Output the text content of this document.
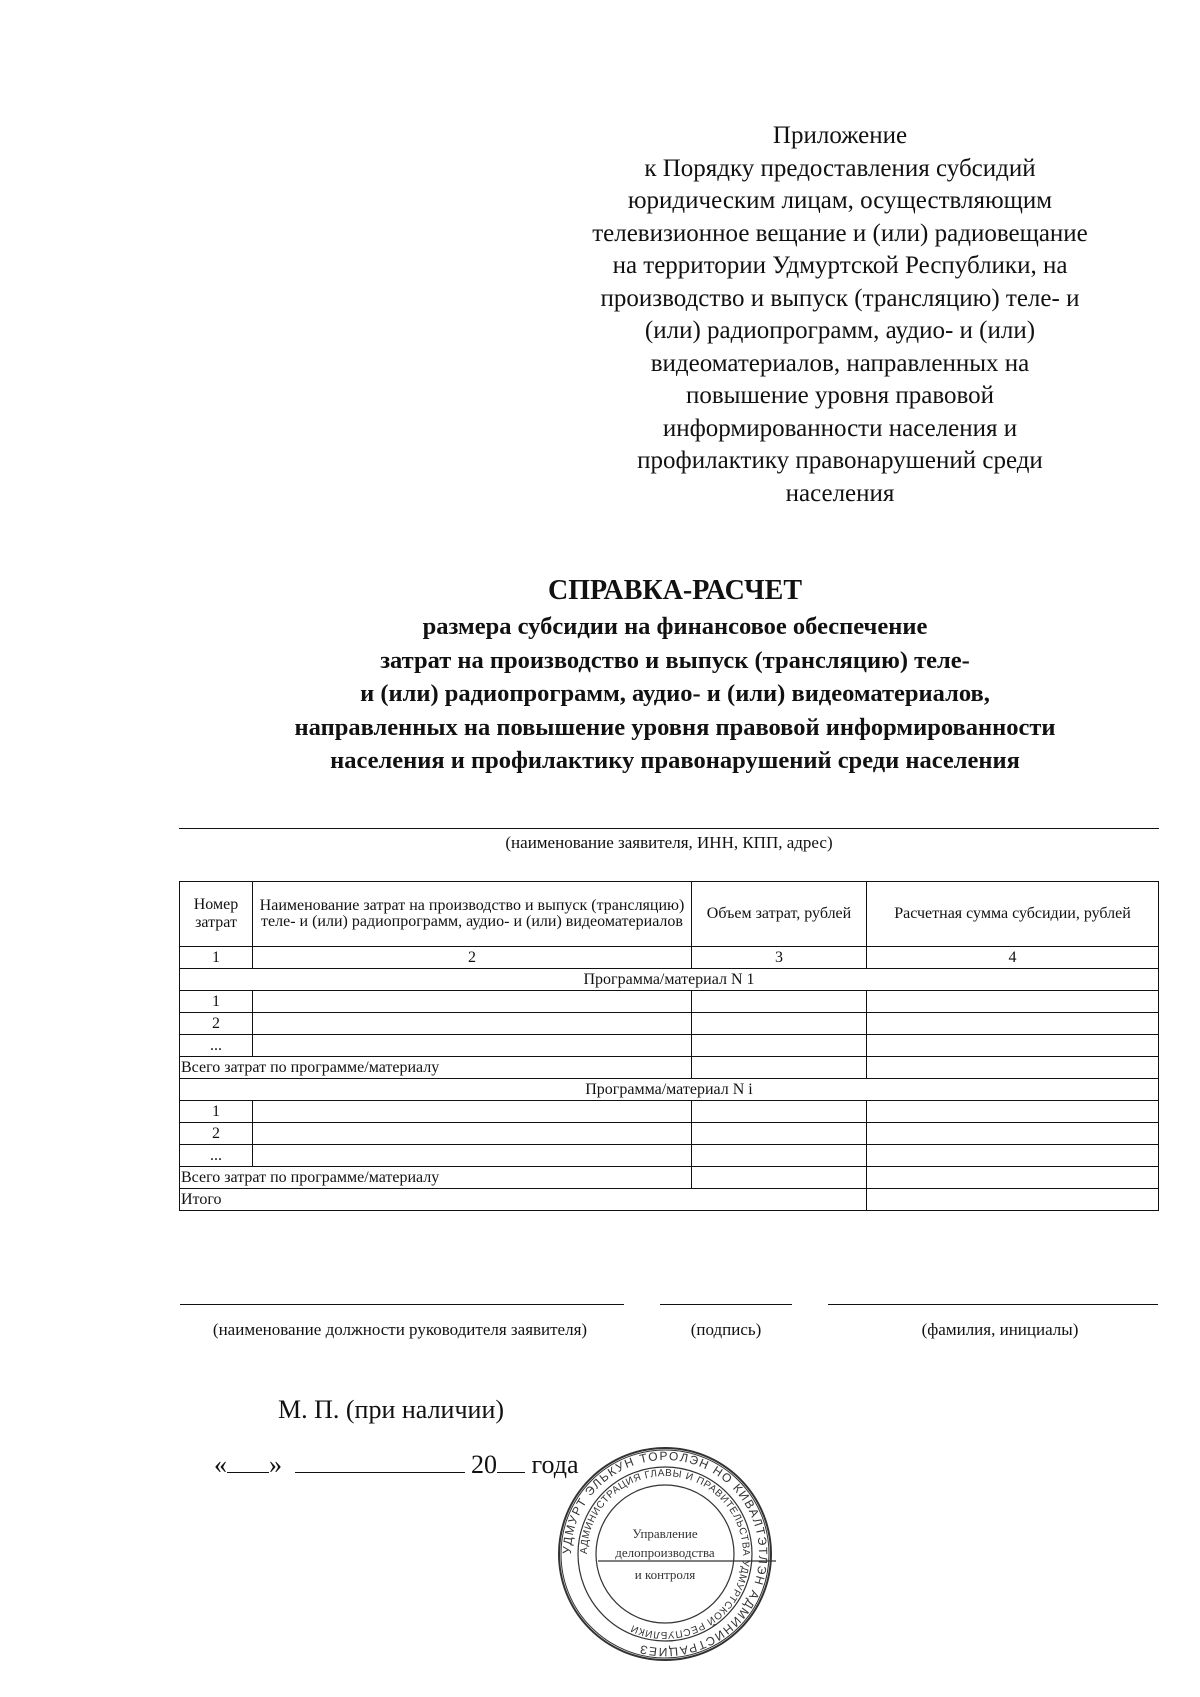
Приложение
к Порядку предоставления субсидий
юридическим лицам, осуществляющим
телевизионное вещание и (или) радиовещание
на территории Удмуртской Республики, на
производство и выпуск (трансляцию) теле- и
(или) радиопрограмм, аудио- и (или)
видеоматериалов, направленных на
повышение уровня правовой
информированности населения и
профилактику правонарушений среди
населения
СПРАВКА-РАСЧЕТ
размера субсидии на финансовое обеспечение
затрат на производство и выпуск (трансляцию) теле-
и (или) радиопрограмм, аудио- и (или) видеоматериалов,
направленных на повышение уровня правовой информированности
населения и профилактику правонарушений среди населения
(наименование заявителя, ИНН, КПП, адрес)
Номер затрат	Наименование затрат на производство и выпуск (трансляцию) теле- и (или) радиопрограмм, аудио- и (или) видеоматериалов	Объем затрат, рублей	Расчетная сумма субсидии, рублей
1	2	3	4
Программа/материал N 1			
1			
2			
...			
Всего затрат по программе/материалу			
Программа/материал N i			
1			
2			
...			
Всего затрат по программе/материалу			
Итого			
(наименование должности руководителя заявителя)	(подпись)	(фамилия, инициалы)
М. П. (при наличии)
« »	20 года
УДМУРТ ЭЛЬКУН ТОРОЛЭН НО КИВАЛТЭТЛЭН АДМИНИСТРАЦИЕЗ
АДМИНИСТРАЦИЯ ГЛАВЫ И ПРАВИТЕЛЬСТВА УДМУРТСКОЙ РЕСПУБЛИКИ
Управление
делопроизводства
и контроля
